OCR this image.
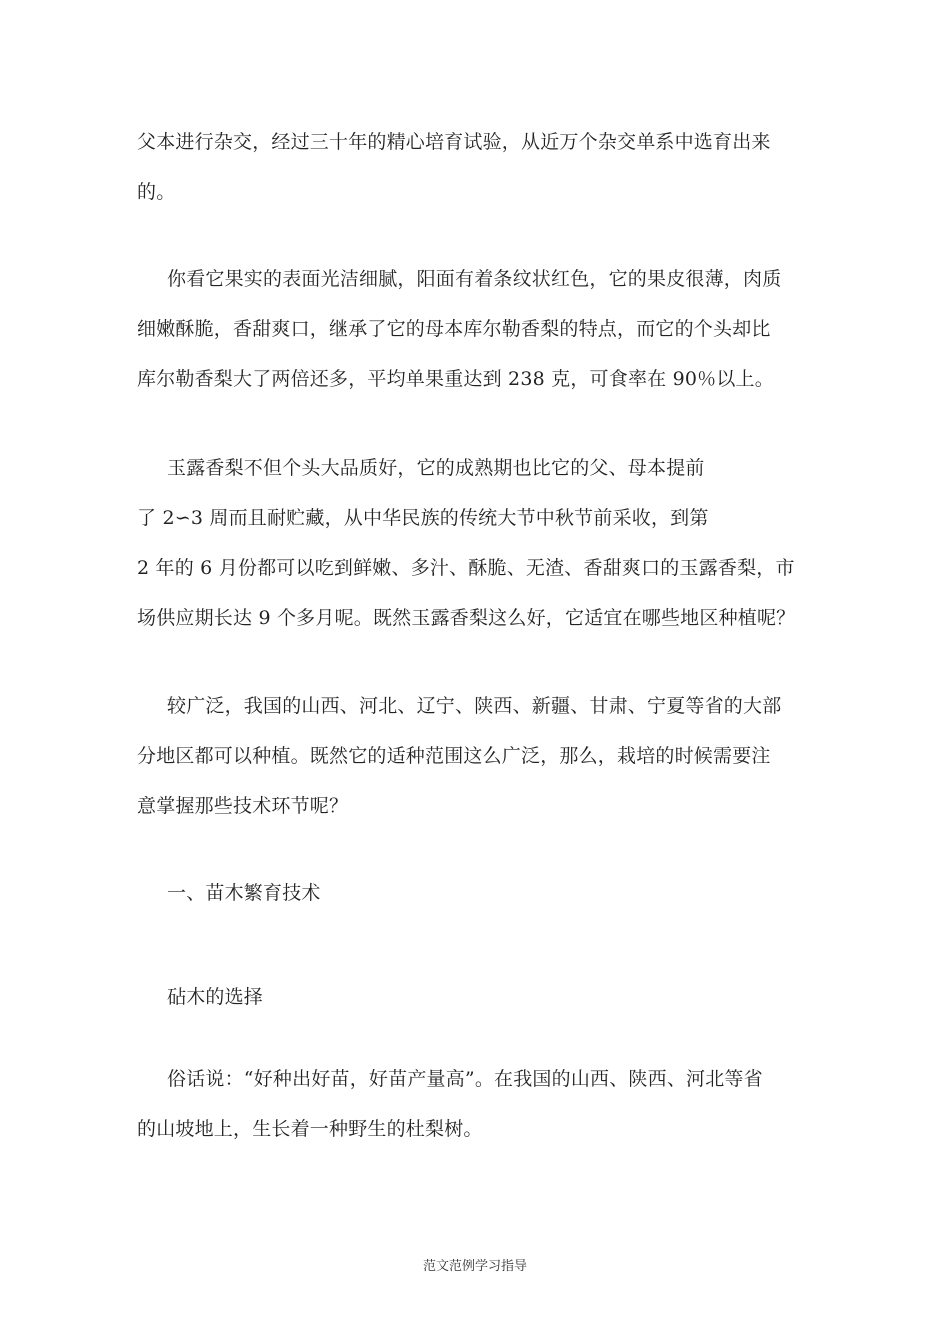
父本进行杂交，经过三十年的精心培育试验，从近万个杂交单系中选育出来
的。
你看它果实的表面光洁细腻，阳面有着条纹状红色，它的果皮很薄，肉质
细嫩酥脆，香甜爽口，继承了它的母本库尔勒香梨的特点，而它的个头却比
库尔勒香梨大了两倍还多，平均单果重达到 238 克，可食率在 90％以上。
玉露香梨不但个头大品质好，它的成熟期也比它的父、母本提前
了 2∽3 周而且耐贮藏，从中华民族的传统大节中秋节前采收，到第
2 年的 6 月份都可以吃到鲜嫩、多汁、酥脆、无渣、香甜爽口的玉露香梨，市
场供应期长达 9 个多月呢。既然玉露香梨这么好，它适宜在哪些地区种植呢？
较广泛，我国的山西、河北、辽宁、陕西、新疆、甘肃、宁夏等省的大部
分地区都可以种植。既然它的适种范围这么广泛，那么，栽培的时候需要注
意掌握那些技术环节呢？
一、苗木繁育技术
砧木的选择
俗话说：“好种出好苗，好苗产量高”。在我国的山西、陕西、河北等省
的山坡地上，生长着一种野生的杜梨树。
范文范例学习指导
